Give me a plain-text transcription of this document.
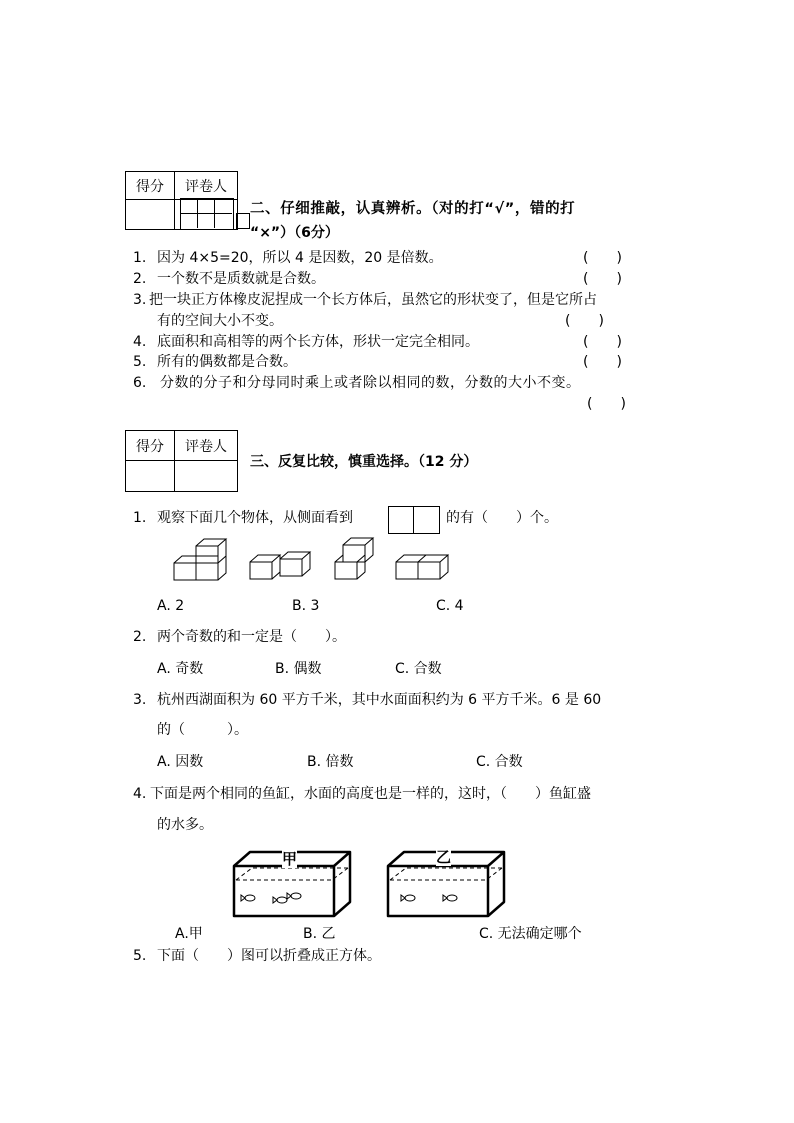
得分	评卷人

二、仔细推敲，认真辨析。（对的打“√”，错的打
“×”）（6分）
1. 因为 4×5=20，所以 4 是因数，20 是倍数。	(　　)
2. 一个数不是质数就是合数。	(　　)
3. 把一块正方体橡皮泥捏成一个长方体后，虽然它的形状变了，但是它所占
有的空间大小不变。	(　　)
4. 底面积和高相等的两个长方体，形状一定完全相同。	(　　)
5. 所有的偶数都是合数。	(　　)
6. 分数的分子和分母同时乘上或者除以相同的数，分数的大小不变。
(　　)
得分	评卷人

三、反复比较，慎重选择。（12 分）
1. 观察下面几个物体，从侧面看到	的有（　　）个。
A. 2	B. 3	C. 4
2. 两个奇数的和一定是（　　）。
A. 奇数	B. 偶数	C. 合数
3. 杭州西湖面积为 60 平方千米，其中水面面积约为 6 平方千米。6 是 60
的（　　　）。
A. 因数	B. 倍数	C. 合数
4. 下面是两个相同的鱼缸，水面的高度也是一样的，这时，（　　）鱼缸盛
的水多。
甲	乙
A.甲	B. 乙	C. 无法确定哪个
5. 下面（　　）图可以折叠成正方体。
